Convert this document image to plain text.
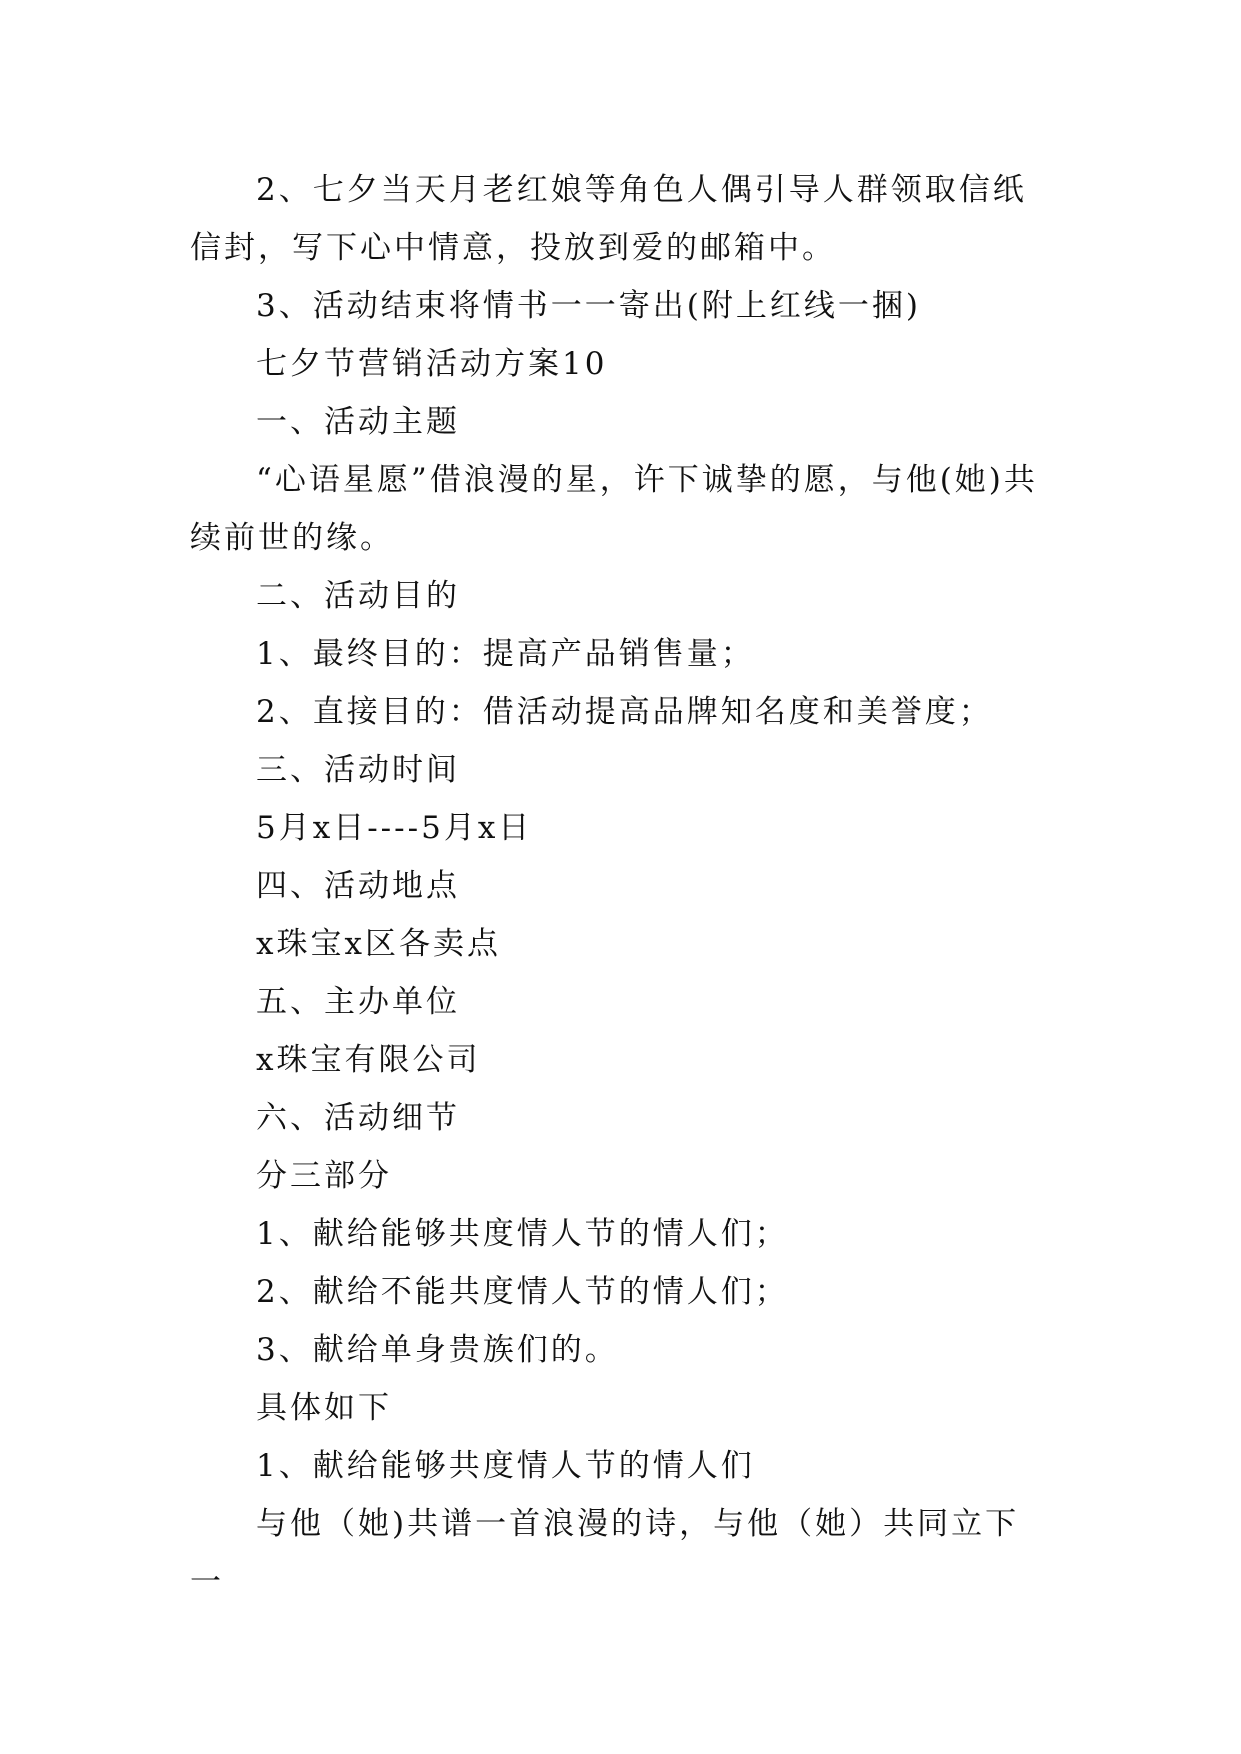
2、七夕当天月老红娘等角色人偶引导人群领取信纸信封，写下心中情意，投放到爱的邮箱中。

3、活动结束将情书一一寄出(附上红线一捆)

七夕节营销活动方案10

一、活动主题

“心语星愿”借浪漫的星，许下诚挚的愿，与他(她)共续前世的缘。

二、活动目的

1、最终目的：提高产品销售量；

2、直接目的：借活动提高品牌知名度和美誉度；

三、活动时间

5月x日----5月x日

四、活动地点

x珠宝x区各卖点

五、主办单位

x珠宝有限公司

六、活动细节

分三部分

1、献给能够共度情人节的情人们；

2、献给不能共度情人节的情人们；

3、献给单身贵族们的。

具体如下

1、献给能够共度情人节的情人们

与他（她)共谱一首浪漫的诗，与他（她）共同立下一
